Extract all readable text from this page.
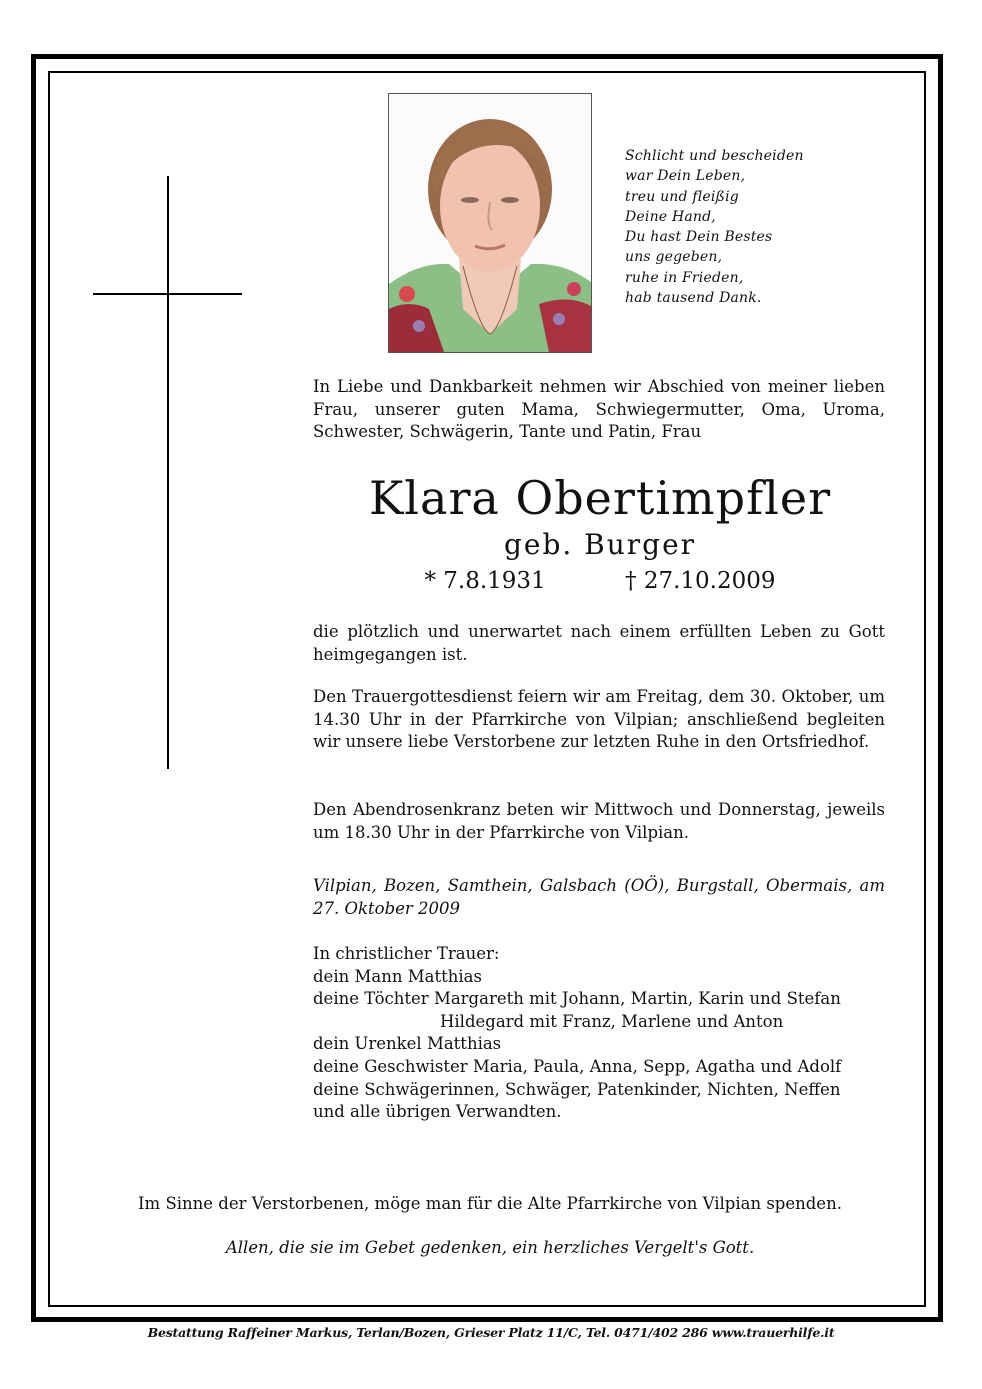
Schlicht und bescheiden
war Dein Leben,
treu und fleißig
Deine Hand,
Du hast Dein Bestes
uns gegeben,
ruhe in Frieden,
hab tausend Dank.
In Liebe und Dankbarkeit nehmen wir Abschied von meiner lieben Frau, unserer guten Mama, Schwiegermutter, Oma, Uroma, Schwester, Schwägerin, Tante und Patin, Frau
Klara Obertimpfler
geb. Burger
* 7.8.1931	† 27.10.2009
die plötzlich und unerwartet nach einem erfüllten Leben zu Gott heimgegangen ist.
Den Trauergottesdienst feiern wir am Freitag, dem 30. Oktober, um 14.30 Uhr in der Pfarrkirche von Vilpian; anschließend begleiten wir unsere liebe Verstorbene zur letzten Ruhe in den Ortsfriedhof.
Den Abendrosenkranz beten wir Mittwoch und Donnerstag, jeweils um 18.30 Uhr in der Pfarrkirche von Vilpian.
Vilpian, Bozen, Samthein, Galsbach (OÖ), Burgstall, Obermais, am 27. Oktober 2009
In christlicher Trauer:
dein Mann Matthias
deine Töchter Margareth mit Johann, Martin, Karin und Stefan
Hildegard mit Franz, Marlene und Anton
dein Urenkel Matthias
deine Geschwister Maria, Paula, Anna, Sepp, Agatha und Adolf
deine Schwägerinnen, Schwäger, Patenkinder, Nichten, Neffen
und alle übrigen Verwandten.
Im Sinne der Verstorbenen, möge man für die Alte Pfarrkirche von Vilpian spenden.
Allen, die sie im Gebet gedenken, ein herzliches Vergelt's Gott.
Bestattung Raffeiner Markus, Terlan/Bozen, Grieser Platz 11/C, Tel. 0471/402 286 www.trauerhilfe.it
